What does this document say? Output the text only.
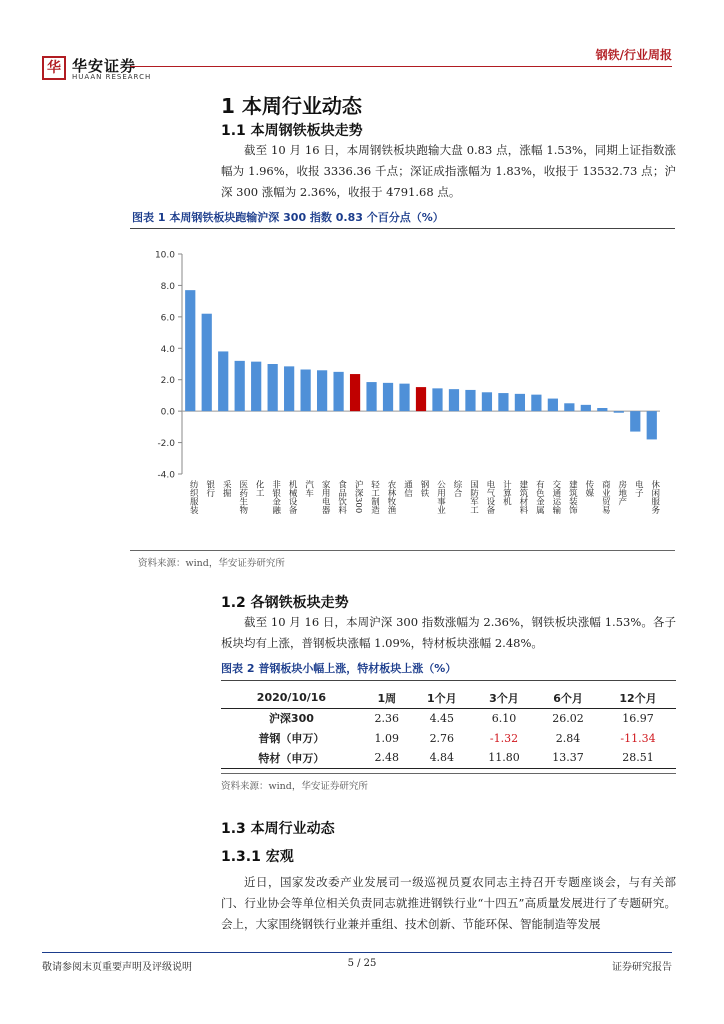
华 华安证券
HUAAN RESEARCH
钢铁/行业周报
1 本周行业动态
1.1 本周钢铁板块走势
截至 10 月 16 日，本周钢铁板块跑输大盘 0.83 点，涨幅 1.53%，同期上证指数涨幅为 1.96%，收报 3336.36 千点；深证成指涨幅为 1.83%，收报于 13532.73 点；沪深 300 涨幅为 2.36%，收报于 4791.68 点。
图表 1 本周钢铁板块跑输沪深 300 指数 0.83 个百分点（%）
10.0
8.0
6.0
4.0
2.0
0.0
-2.0
-4.0
纺织服装 银行 采掘 医药生物 化工 非银金融 机械设备 汽车 家用电器 食品饮料 沪深300 轻工制造 农林牧渔 通信 钢铁 公用事业 综合 国防军工 电气设备 计算机 建筑材料 有色金属 交通运输 建筑装饰 传媒 商业贸易 房地产 电子 休闲服务
资料来源：wind，华安证券研究所
1.2 各钢铁板块走势
截至 10 月 16 日，本周沪深 300 指数涨幅为 2.36%，钢铁板块涨幅 1.53%。各子板块均有上涨，普钢板块涨幅 1.09%，特材板块涨幅 2.48%。
图表 2 普钢板块小幅上涨，特材板块上涨（%）
2020/10/16	1周	1个月	3个月	6个月	12个月
沪深300	2.36	4.45	6.10	26.02	16.97
普钢（申万）	1.09	2.76	-1.32	2.84	-11.34
特材（申万）	2.48	4.84	11.80	13.37	28.51
资料来源：wind，华安证券研究所
1.3 本周行业动态
1.3.1 宏观
近日，国家发改委产业发展司一级巡视员夏农同志主持召开专题座谈会，与有关部门、行业协会等单位相关负责同志就推进钢铁行业“十四五”高质量发展进行了专题研究。会上，大家围绕钢铁行业兼并重组、技术创新、节能环保、智能制造等发展
敬请参阅末页重要声明及评级说明	5 / 25	证券研究报告
